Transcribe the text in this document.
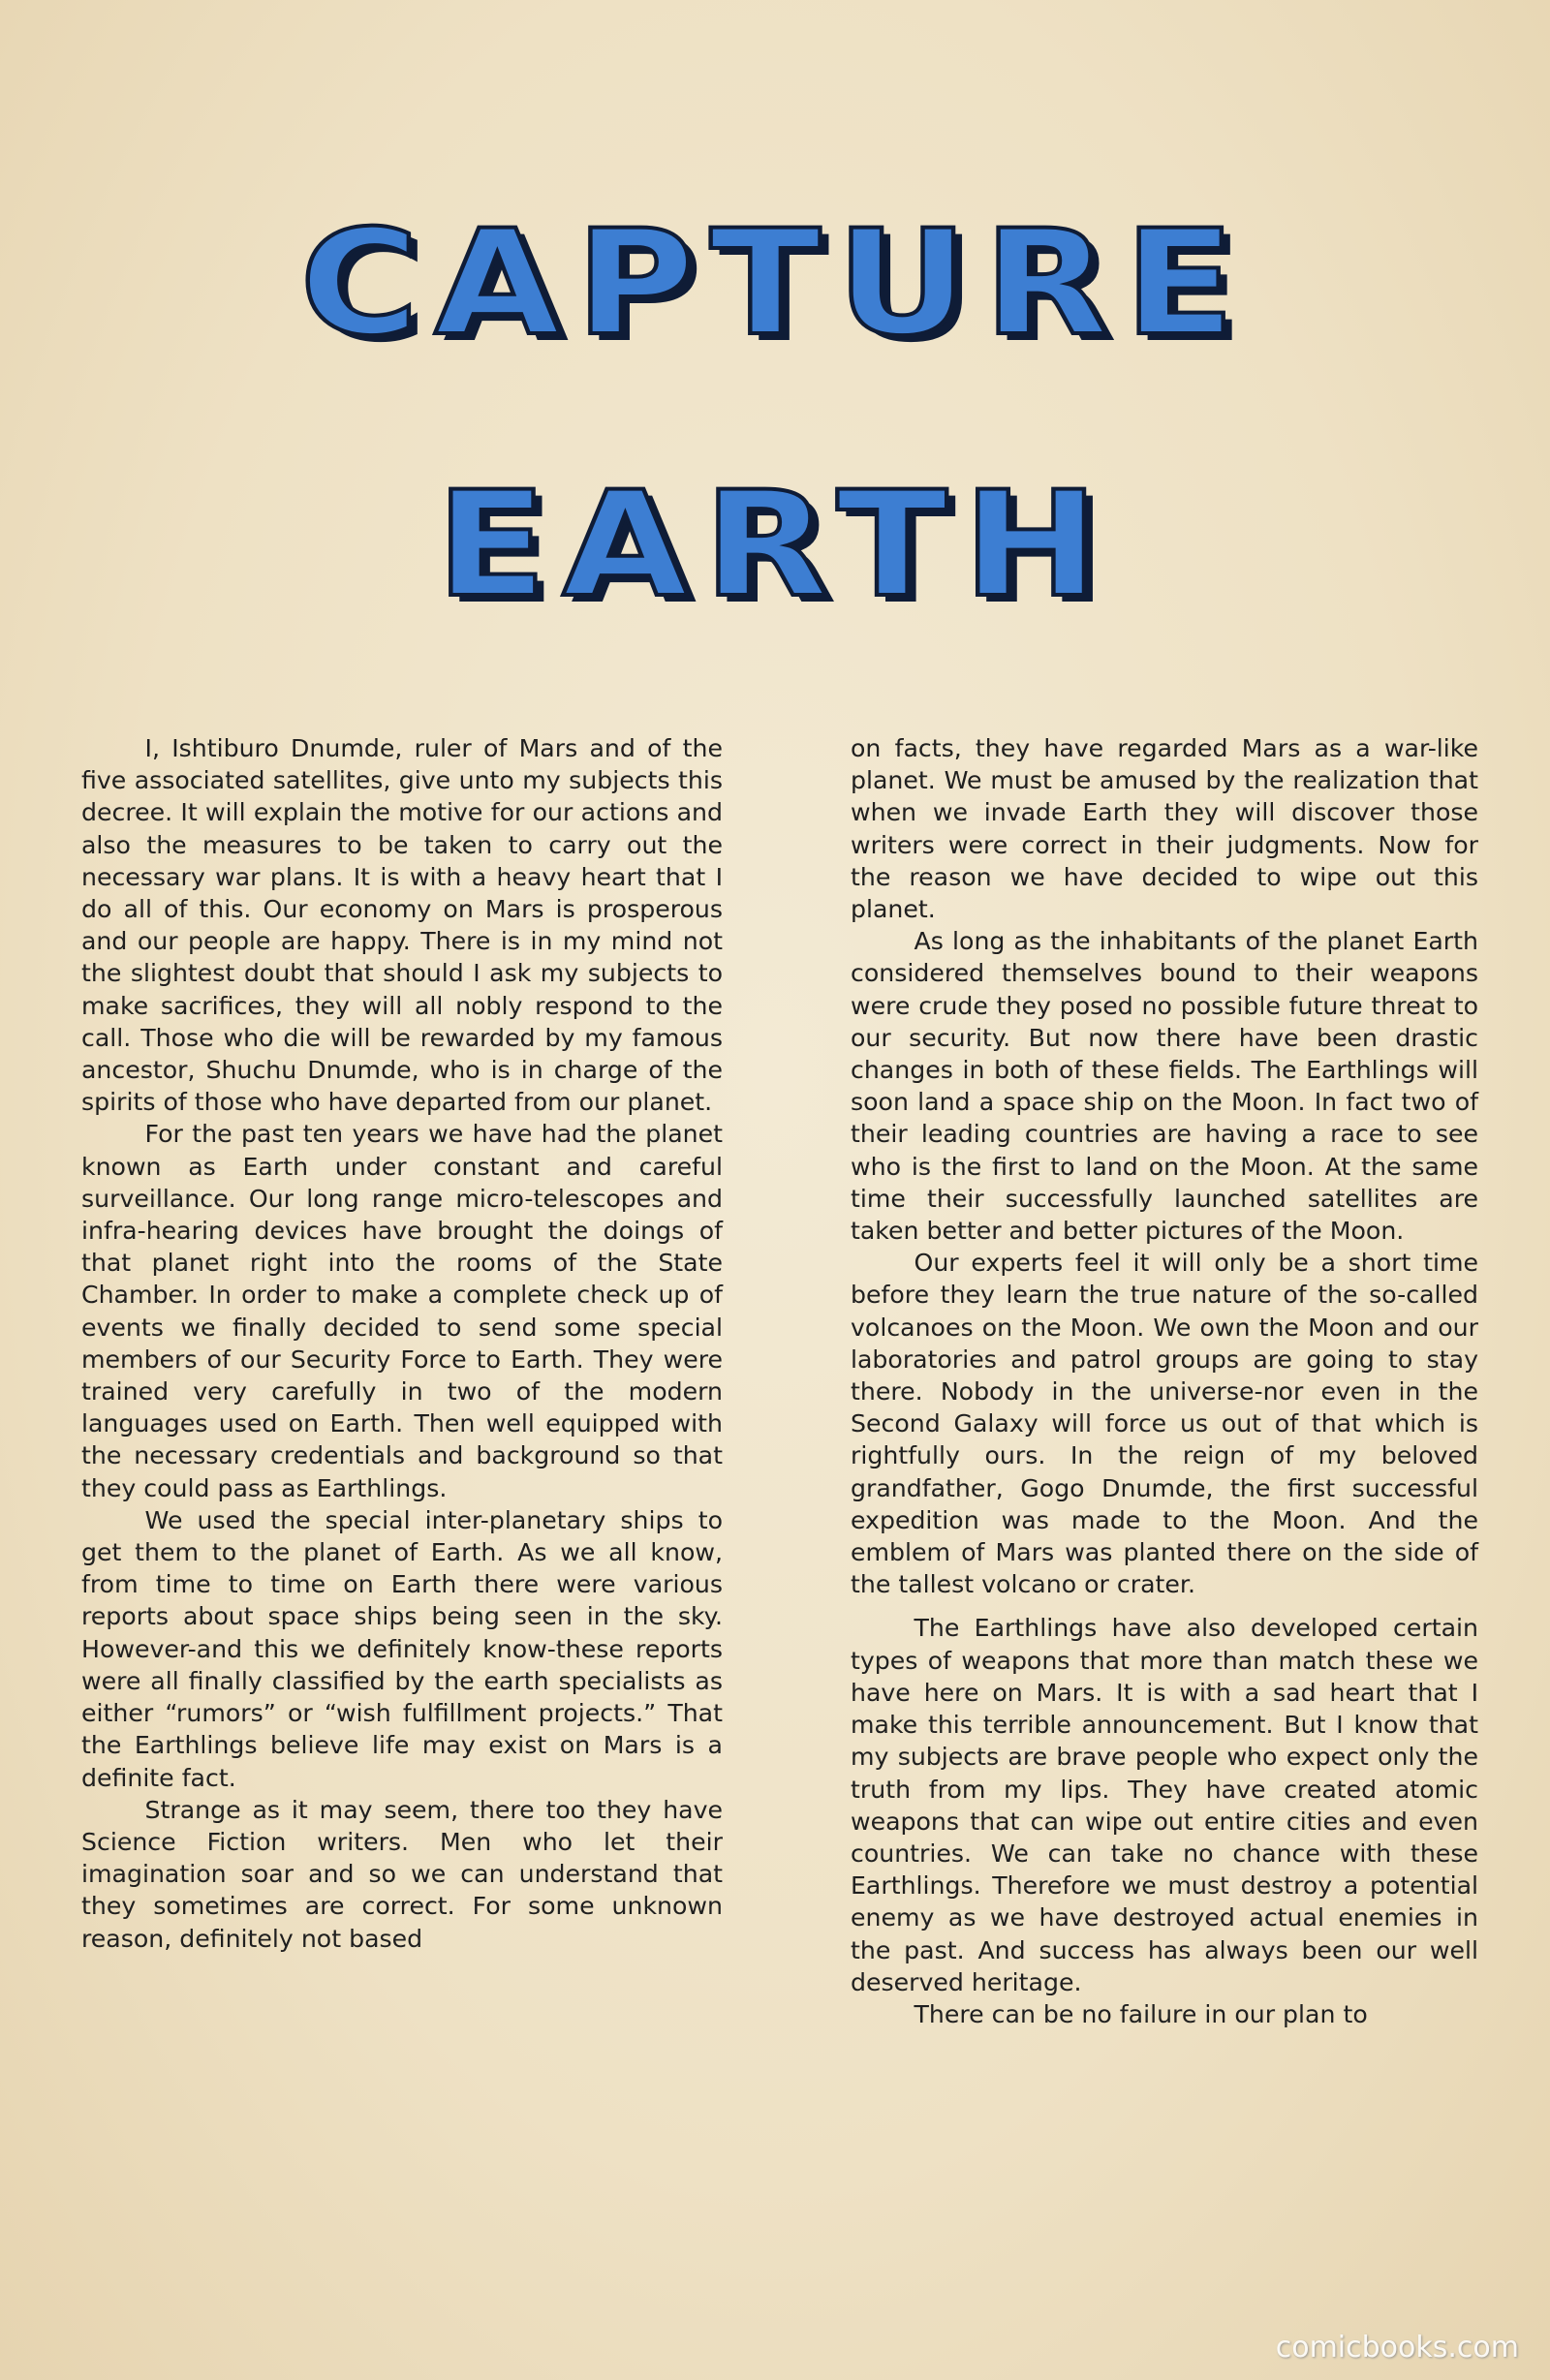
CAPTURE
EARTH

I, Ishtiburo Dnumde, ruler of Mars and of the five associated satellites, give unto my subjects this decree. It will explain the motive for our actions and also the measures to be taken to carry out the necessary war plans. It is with a heavy heart that I do all of this. Our economy on Mars is prosperous and our people are happy. There is in my mind not the slightest doubt that should I ask my subjects to make sacrifices, they will all nobly respond to the call. Those who die will be rewarded by my famous ancestor, Shuchu Dnumde, who is in charge of the spirits of those who have departed from our planet.

For the past ten years we have had the planet known as Earth under constant and careful surveillance. Our long range micro-telescopes and infra-hearing devices have brought the doings of that planet right into the rooms of the State Chamber. In order to make a complete check up of events we finally decided to send some special members of our Security Force to Earth. They were trained very carefully in two of the modern languages used on Earth. Then well equipped with the necessary credentials and background so that they could pass as Earthlings.

We used the special inter-planetary ships to get them to the planet of Earth. As we all know, from time to time on Earth there were various reports about space ships being seen in the sky. However-and this we definitely know-these reports were all finally classified by the earth specialists as either “rumors” or “wish fulfillment projects.” That the Earthlings believe life may exist on Mars is a definite fact.

Strange as it may seem, there too they have Science Fiction writers. Men who let their imagination soar and so we can understand that they sometimes are correct. For some unknown reason, definitely not based

on facts, they have regarded Mars as a war-like planet. We must be amused by the realization that when we invade Earth they will discover those writers were correct in their judgments. Now for the reason we have decided to wipe out this planet.

As long as the inhabitants of the planet Earth considered themselves bound to their weapons were crude they posed no possible future threat to our security. But now there have been drastic changes in both of these fields. The Earthlings will soon land a space ship on the Moon. In fact two of their leading countries are having a race to see who is the first to land on the Moon. At the same time their successfully launched satellites are taken better and better pictures of the Moon.

Our experts feel it will only be a short time before they learn the true nature of the so-called volcanoes on the Moon. We own the Moon and our laboratories and patrol groups are going to stay there. Nobody in the universe-nor even in the Second Galaxy will force us out of that which is rightfully ours. In the reign of my beloved grandfather, Gogo Dnumde, the first successful expedition was made to the Moon. And the emblem of Mars was planted there on the side of the tallest volcano or crater.

The Earthlings have also developed certain types of weapons that more than match these we have here on Mars. It is with a sad heart that I make this terrible announcement. But I know that my subjects are brave people who expect only the truth from my lips. They have created atomic weapons that can wipe out entire cities and even countries. We can take no chance with these Earthlings. Therefore we must destroy a potential enemy as we have destroyed actual enemies in the past. And success has always been our well deserved heritage.

There can be no failure in our plan to

comicbooks.com
